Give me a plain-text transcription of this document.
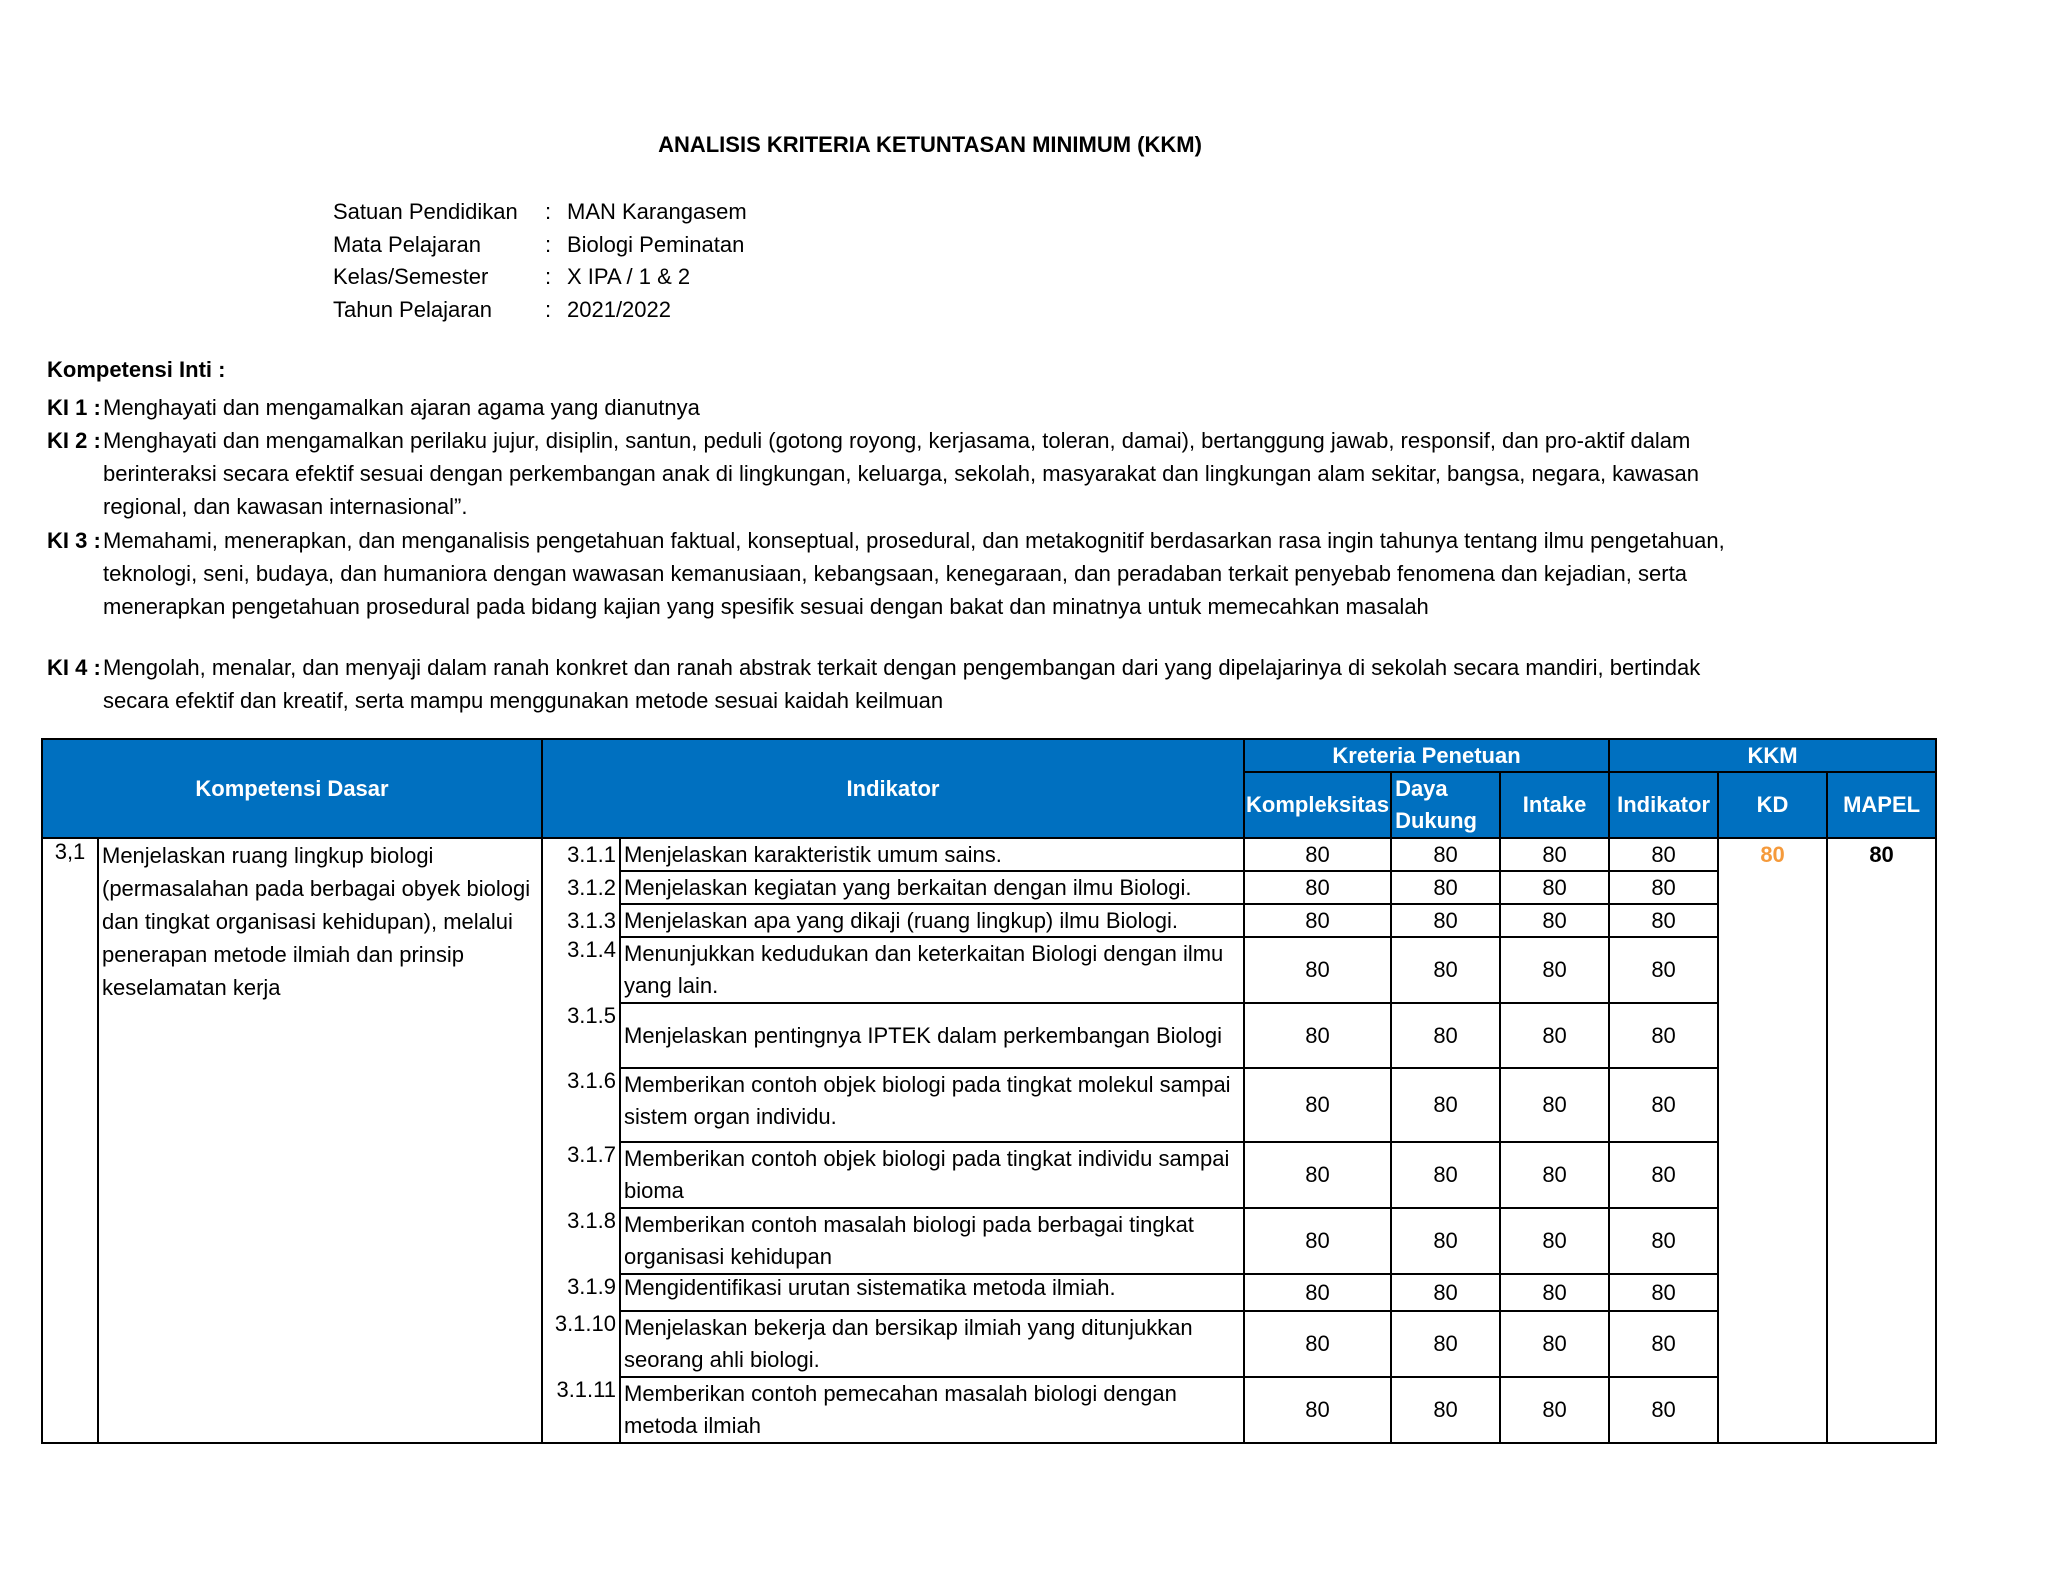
ANALISIS KRITERIA KETUNTASAN MINIMUM (KKM)
Satuan Pendidikan	: MAN Karangasem
Mata Pelajaran	: Biologi Peminatan
Kelas/Semester	: X IPA / 1 & 2
Tahun Pelajaran	: 2021/2022
Kompetensi Inti :
KI 1 : Menghayati dan mengamalkan ajaran agama yang dianutnya
KI 2 : Menghayati dan mengamalkan perilaku jujur, disiplin, santun, peduli (gotong royong, kerjasama, toleran, damai), bertanggung jawab, responsif, dan pro-aktif dalam berinteraksi secara efektif sesuai dengan perkembangan anak di lingkungan, keluarga, sekolah, masyarakat dan lingkungan alam sekitar, bangsa, negara, kawasan regional, dan kawasan internasional”.
KI 3 : Memahami, menerapkan, dan menganalisis pengetahuan faktual, konseptual, prosedural, dan metakognitif berdasarkan rasa ingin tahunya tentang ilmu pengetahuan, teknologi, seni, budaya, dan humaniora dengan wawasan kemanusiaan, kebangsaan, kenegaraan, dan peradaban terkait penyebab fenomena dan kejadian, serta menerapkan pengetahuan prosedural pada bidang kajian yang spesifik sesuai dengan bakat dan minatnya untuk memecahkan masalah
KI 4 : Mengolah, menalar, dan menyaji dalam ranah konkret dan ranah abstrak terkait dengan pengembangan dari yang dipelajarinya di sekolah secara mandiri, bertindak secara efektif dan kreatif, serta mampu menggunakan metode sesuai kaidah keilmuan
Kompetensi Dasar		Indikator		Kreteria Penetuan			KKM		
				Kompleksitas	Daya Dukung	Intake	Indikator	KD	MAPEL
3,1	Menjelaskan ruang lingkup biologi (permasalahan pada berbagai obyek biologi dan tingkat organisasi kehidupan), melalui penerapan metode ilmiah dan prinsip keselamatan kerja	3.1.1	Menjelaskan karakteristik umum sains.	80	80	80	80	80	80
		3.1.2	Menjelaskan kegiatan yang berkaitan dengan ilmu Biologi.	80	80	80	80		
		3.1.3	Menjelaskan apa yang dikaji (ruang lingkup) ilmu Biologi.	80	80	80	80		
		3.1.4	Menunjukkan kedudukan dan keterkaitan Biologi dengan ilmu yang lain.	80	80	80	80		
		3.1.5	Menjelaskan pentingnya IPTEK dalam perkembangan Biologi	80	80	80	80		
		3.1.6	Memberikan contoh objek biologi pada tingkat molekul sampai sistem organ individu.	80	80	80	80		
		3.1.7	Memberikan contoh objek biologi pada tingkat individu sampai bioma	80	80	80	80		
		3.1.8	Memberikan contoh masalah biologi pada berbagai tingkat organisasi kehidupan	80	80	80	80		
		3.1.9	Mengidentifikasi urutan sistematika metoda ilmiah.	80	80	80	80		
		3.1.10	Menjelaskan bekerja dan bersikap ilmiah yang ditunjukkan seorang ahli biologi.	80	80	80	80		
		3.1.11	Memberikan contoh pemecahan masalah biologi dengan metoda ilmiah	80	80	80	80		
